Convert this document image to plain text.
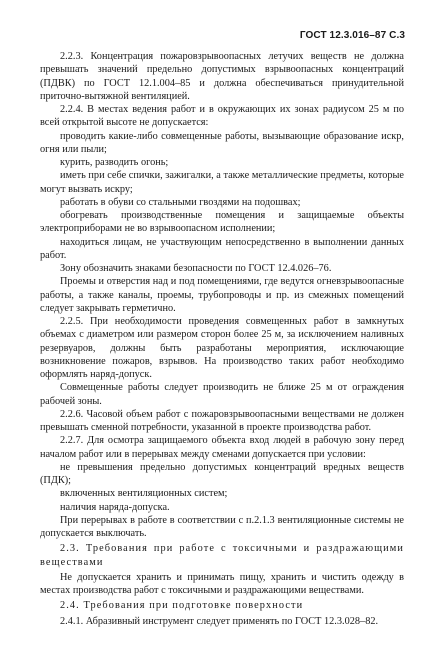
ГОСТ 12.3.016–87 С.3

2.2.3. Концентрация пожаровзрывоопасных летучих веществ не должна превышать значений предельно допустимых взрывоопасных концентраций (ПДВК) по ГОСТ 12.1.004–85 и должна обеспечиваться принудительной приточно-вытяжной вентиляцией.

2.2.4. В местах ведения работ и в окружающих их зонах радиусом 25 м по всей открытой высоте не допускается:

проводить какие-либо совмещенные работы, вызывающие образование искр, огня или пыли;

курить, разводить огонь;

иметь при себе спички, зажигалки, а также металлические предметы, которые могут вызвать искру;

работать в обуви со стальными гвоздями на подошвах;

обогревать производственные помещения и защищаемые объекты электроприборами не во взрывоопасном исполнении;

находиться лицам, не участвующим непосредственно в выполнении данных работ.

Зону обозначить знаками безопасности по ГОСТ 12.4.026–76.

Проемы и отверстия над и под помещениями, где ведутся огневзрывоопасные работы, а также каналы, проемы, трубопроводы и пр. из смежных помещений следует закрывать герметично.

2.2.5. При необходимости проведения совмещенных работ в замкнутых объемах с диаметром или размером сторон более 25 м, за исключением наливных резервуаров, должны быть разработаны мероприятия, исключающие возникновение пожаров, взрывов. На производство таких работ необходимо оформлять наряд-допуск.

Совмещенные работы следует производить не ближе 25 м от ограждения рабочей зоны.

2.2.6. Часовой объем работ с пожаровзрывоопасными веществами не должен превышать сменной потребности, указанной в проекте производства работ.

2.2.7. Для осмотра защищаемого объекта вход людей в рабочую зону перед началом работ или в перерывах между сменами допускается при условии:

не превышения предельно допустимых концентраций вредных веществ (ПДК);

включенных вентиляционных систем;

наличия наряда-допуска.

При перерывах в работе в соответствии с п.2.1.3 вентиляционные системы не допускается выключать.

2.3. Требования при работе с токсичными и раздражающими веществами

Не допускается хранить и принимать пищу, хранить и чистить одежду в местах производства работ с токсичными и раздражающими веществами.

2.4. Требования при подготовке поверхности

2.4.1. Абразивный инструмент следует применять по ГОСТ 12.3.028–82.
